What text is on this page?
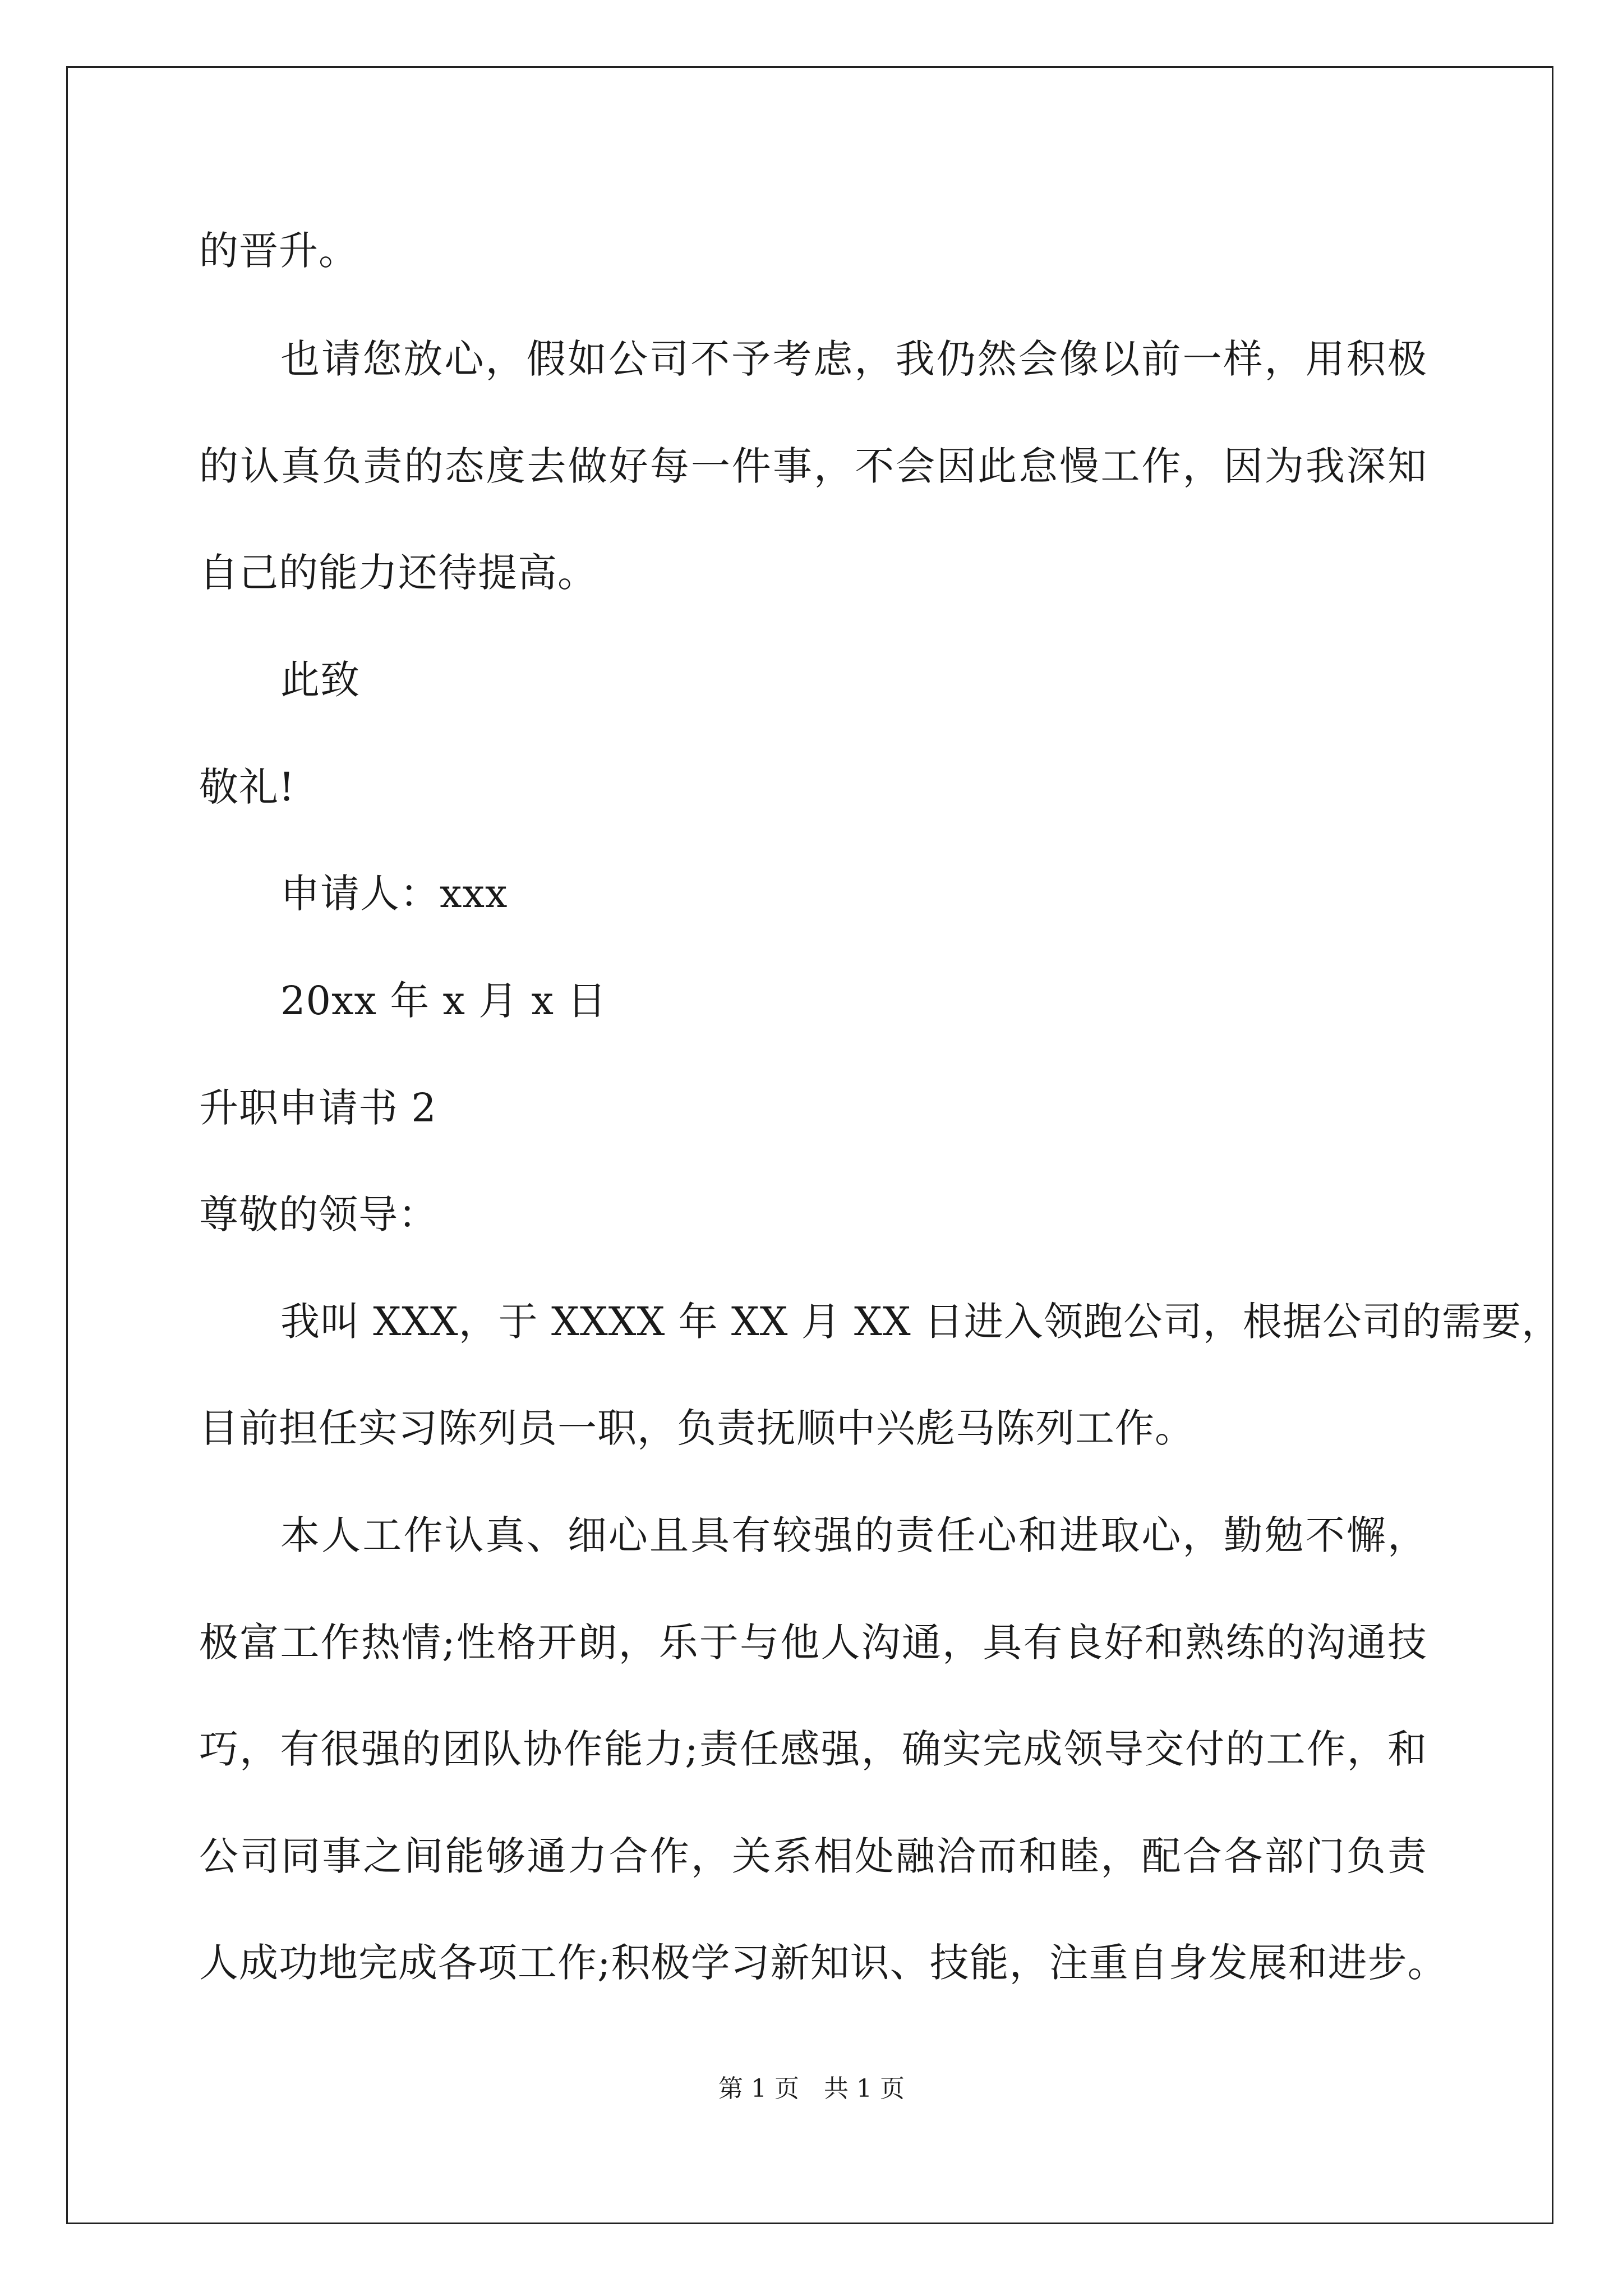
的晋升。
也请您放心，假如公司不予考虑，我仍然会像以前一样，用积极
的认真负责的态度去做好每一件事，不会因此怠慢工作，因为我深知
自己的能力还待提高。
此致
敬礼!
申请人：xxx
20xx 年 x 月 x 日
升职申请书 2
尊敬的领导：
我叫 XXX，于 XXXX 年 XX 月 XX 日进入领跑公司，根据公司的需要，
目前担任实习陈列员一职，负责抚顺中兴彪马陈列工作。
本人工作认真、细心且具有较强的责任心和进取心，勤勉不懈，
极富工作热情;性格开朗，乐于与他人沟通，具有良好和熟练的沟通技
巧，有很强的团队协作能力;责任感强，确实完成领导交付的工作，和
公司同事之间能够通力合作，关系相处融洽而和睦，配合各部门负责
人成功地完成各项工作;积极学习新知识、技能，注重自身发展和进步。
第 1 页　共 1 页
